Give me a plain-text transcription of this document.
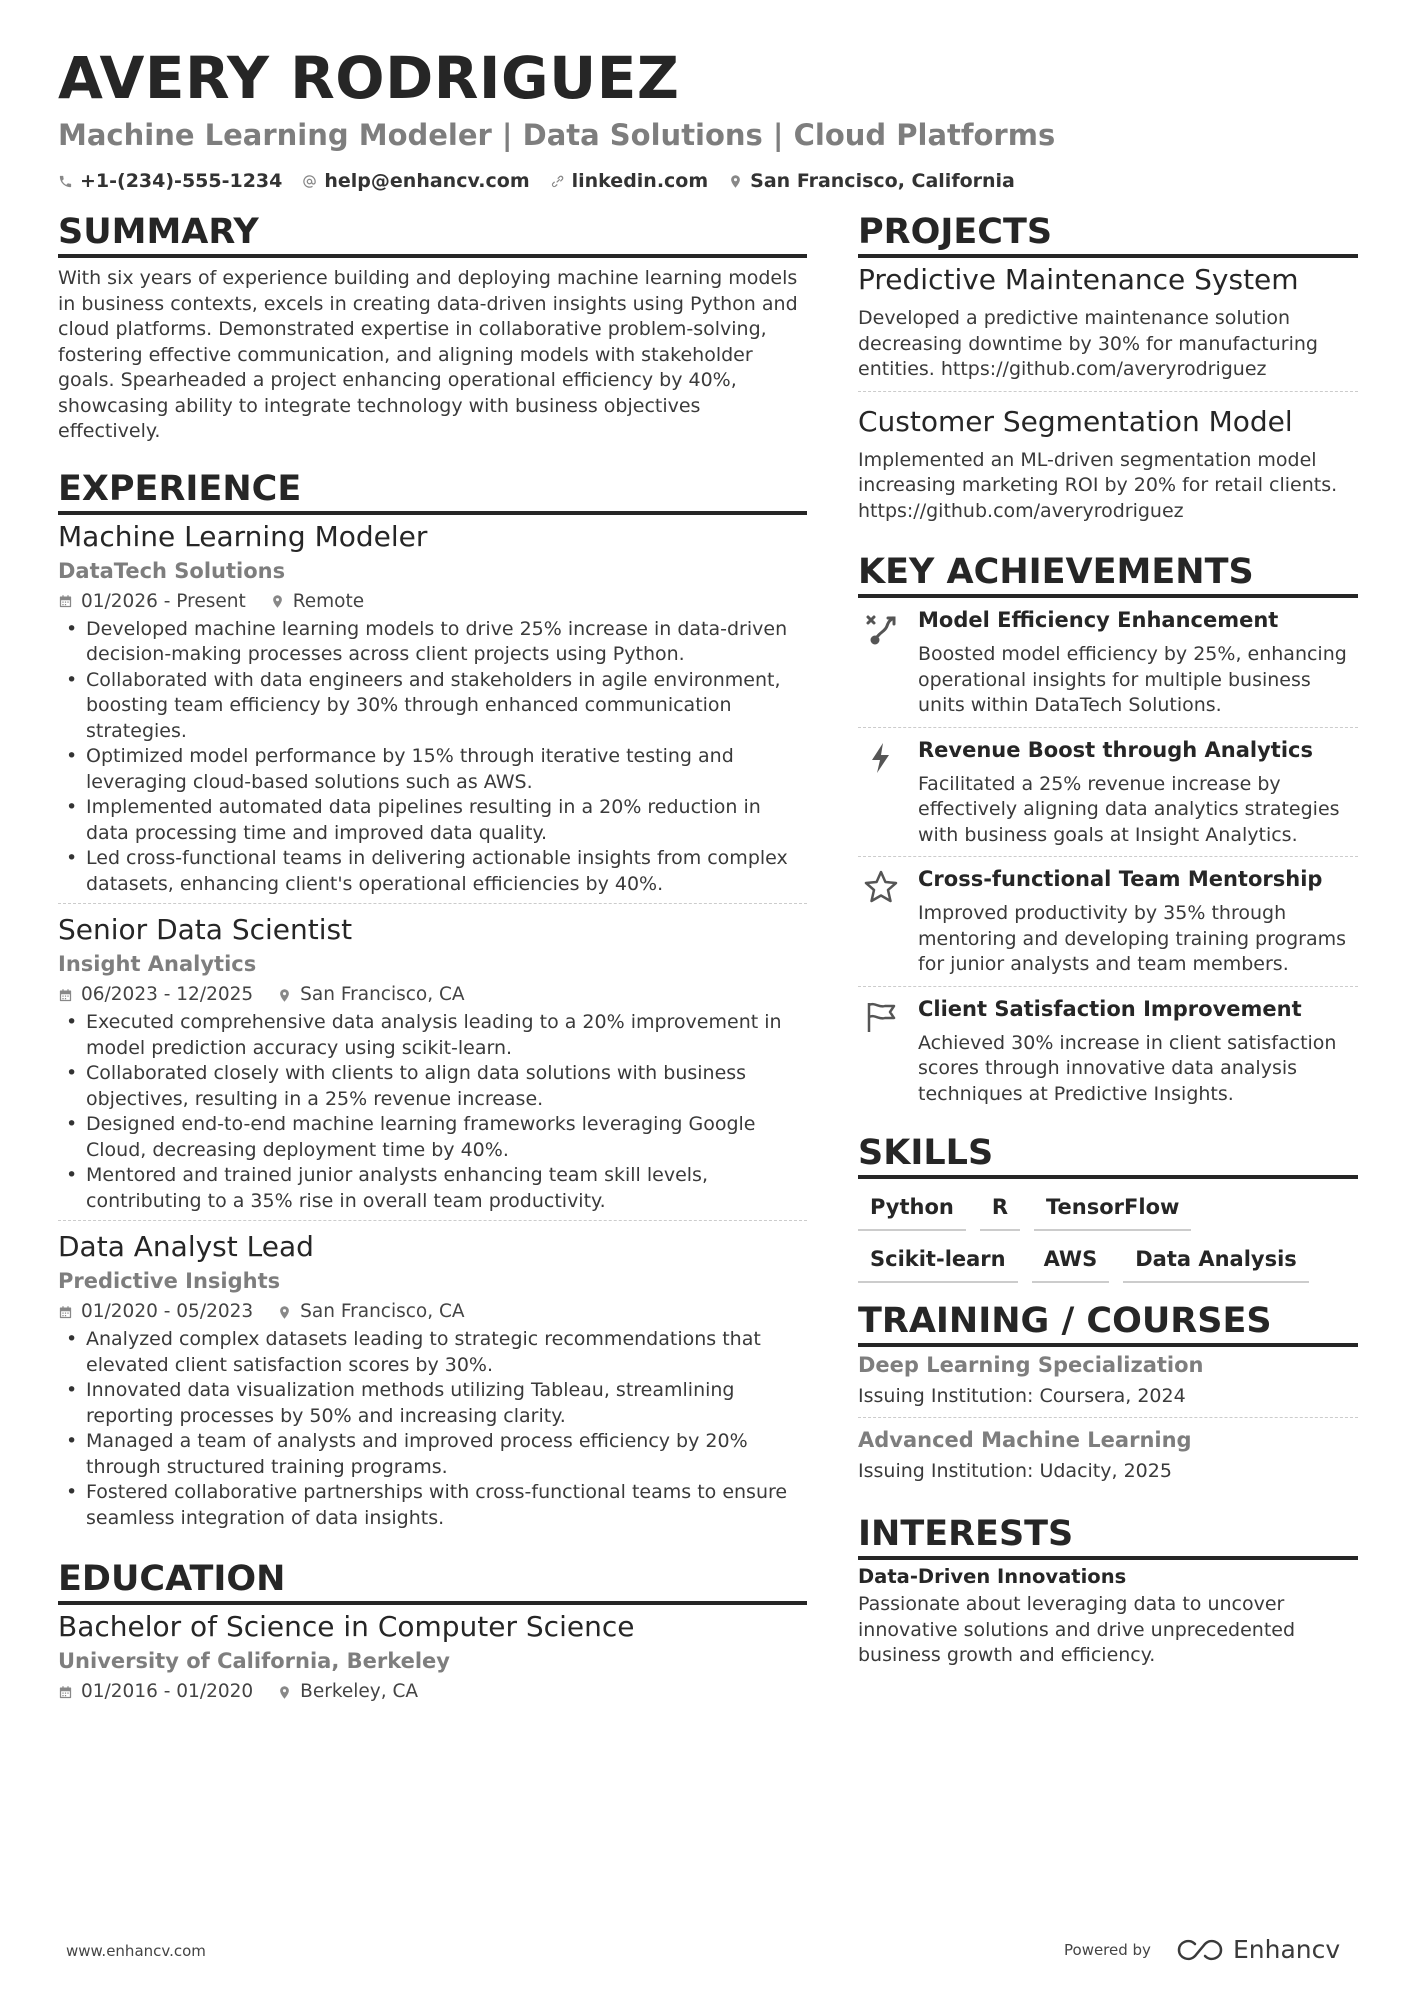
AVERY RODRIGUEZ
Machine Learning Modeler | Data Solutions | Cloud Platforms
+1-(234)-555-1234 help@enhancv.com linkedin.com San Francisco, California
SUMMARY
With six years of experience building and deploying machine learning models in business contexts, excels in creating data-driven insights using Python and cloud platforms. Demonstrated expertise in collaborative problem-solving, fostering effective communication, and aligning models with stakeholder goals. Spearheaded a project enhancing operational efficiency by 40%, showcasing ability to integrate technology with business objectives effectively.
EXPERIENCE
Machine Learning Modeler
DataTech Solutions
01/2026 - Present	Remote
• Developed machine learning models to drive 25% increase in data-driven decision-making processes across client projects using Python.
• Collaborated with data engineers and stakeholders in agile environment, boosting team efficiency by 30% through enhanced communication strategies.
• Optimized model performance by 15% through iterative testing and leveraging cloud-based solutions such as AWS.
• Implemented automated data pipelines resulting in a 20% reduction in data processing time and improved data quality.
• Led cross-functional teams in delivering actionable insights from complex datasets, enhancing client's operational efficiencies by 40%.
Senior Data Scientist
Insight Analytics
06/2023 - 12/2025	San Francisco, CA
• Executed comprehensive data analysis leading to a 20% improvement in model prediction accuracy using scikit-learn.
• Collaborated closely with clients to align data solutions with business objectives, resulting in a 25% revenue increase.
• Designed end-to-end machine learning frameworks leveraging Google Cloud, decreasing deployment time by 40%.
• Mentored and trained junior analysts enhancing team skill levels, contributing to a 35% rise in overall team productivity.
Data Analyst Lead
Predictive Insights
01/2020 - 05/2023	San Francisco, CA
• Analyzed complex datasets leading to strategic recommendations that elevated client satisfaction scores by 30%.
• Innovated data visualization methods utilizing Tableau, streamlining reporting processes by 50% and increasing clarity.
• Managed a team of analysts and improved process efficiency by 20% through structured training programs.
• Fostered collaborative partnerships with cross-functional teams to ensure seamless integration of data insights.
EDUCATION
Bachelor of Science in Computer Science
University of California, Berkeley
01/2016 - 01/2020	Berkeley, CA
PROJECTS
Predictive Maintenance System
Developed a predictive maintenance solution decreasing downtime by 30% for manufacturing entities. https://github.com/averyrodriguez
Customer Segmentation Model
Implemented an ML-driven segmentation model increasing marketing ROI by 20% for retail clients. https://github.com/averyrodriguez
KEY ACHIEVEMENTS
Model Efficiency Enhancement
Boosted model efficiency by 25%, enhancing operational insights for multiple business units within DataTech Solutions.
Revenue Boost through Analytics
Facilitated a 25% revenue increase by effectively aligning data analytics strategies with business goals at Insight Analytics.
Cross-functional Team Mentorship
Improved productivity by 35% through mentoring and developing training programs for junior analysts and team members.
Client Satisfaction Improvement
Achieved 30% increase in client satisfaction scores through innovative data analysis techniques at Predictive Insights.
SKILLS
Python	R	TensorFlow
Scikit-learn	AWS	Data Analysis
TRAINING / COURSES
Deep Learning Specialization
Issuing Institution: Coursera, 2024
Advanced Machine Learning
Issuing Institution: Udacity, 2025
INTERESTS
Data-Driven Innovations
Passionate about leveraging data to uncover innovative solutions and drive unprecedented business growth and efficiency.
www.enhancv.com	Powered by	Enhancv
